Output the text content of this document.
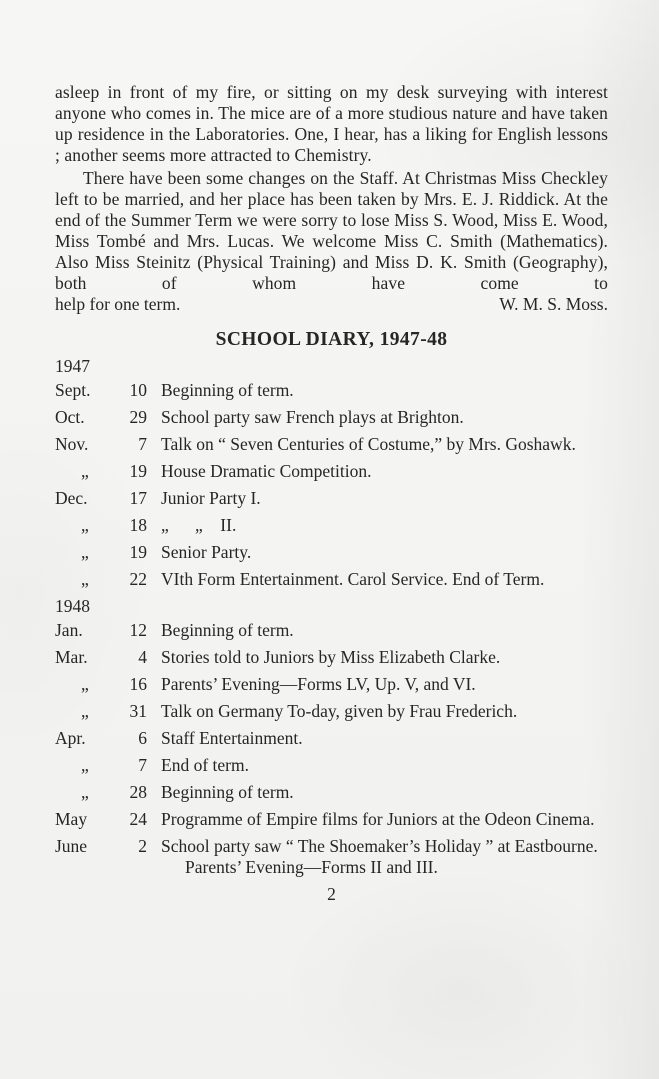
asleep in front of my fire, or sitting on my desk surveying with interest anyone who comes in. The mice are of a more studious nature and have taken up residence in the Laboratories. One, I hear, has a liking for English lessons ; another seems more attracted to Chemistry.

There have been some changes on the Staff. At Christmas Miss Checkley left to be married, and her place has been taken by Mrs. E. J. Riddick. At the end of the Summer Term we were sorry to lose Miss S. Wood, Miss E. Wood, Miss Tombé and Mrs. Lucas. We welcome Miss C. Smith (Mathematics). Also Miss Steinitz (Physical Training) and Miss D. K. Smith (Geography), both of whom have come to

help for one term.	W. M. S. Moss.
SCHOOL DIARY, 1947-48
1947
Sept.	10 Beginning of term.
Oct.	29 School party saw French plays at Brighton.
Nov.	7 Talk on “ Seven Centuries of Costume,” by Mrs. Goshawk.
„	19 House Dramatic Competition.
Dec.	17 Junior Party I.
„	18 „  „ II.
„	19 Senior Party.
„	22 VIth Form Entertainment. Carol Service. End of Term.
1948
Jan.	12 Beginning of term.
Mar.	4 Stories told to Juniors by Miss Elizabeth Clarke.
„	16 Parents’ Evening—Forms LV, Up. V, and VI.
„	31 Talk on Germany To-day, given by Frau Frederich.
Apr.	6 Staff Entertainment.
„	7 End of term.
„	28 Beginning of term.
May	24 Programme of Empire films for Juniors at the Odeon Cinema.
June	2 School party saw “ The Shoemaker’s Holiday ” at Eastbourne.
Parents’ Evening—Forms II and III.
2
